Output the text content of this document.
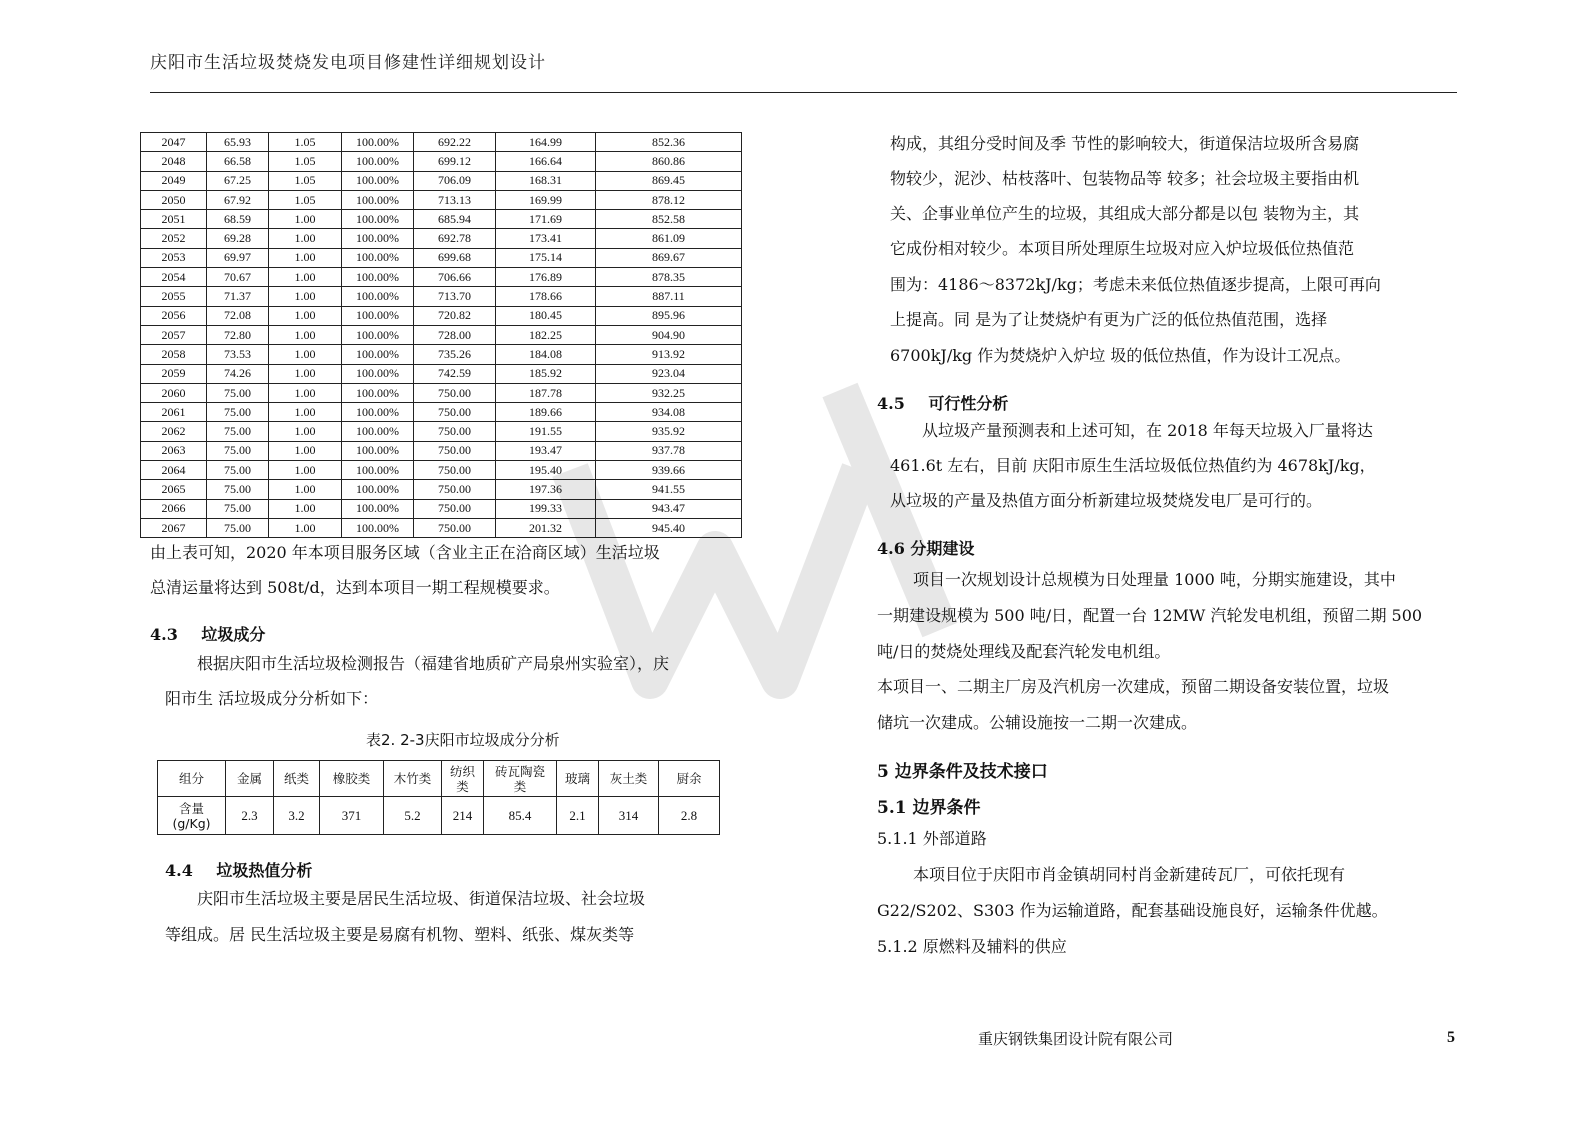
庆阳市生活垃圾焚烧发电项目修建性详细规划设计
2047	65.93	1.05	100.00%	692.22	164.99	852.36
2048	66.58	1.05	100.00%	699.12	166.64	860.86
2049	67.25	1.05	100.00%	706.09	168.31	869.45
2050	67.92	1.05	100.00%	713.13	169.99	878.12
2051	68.59	1.00	100.00%	685.94	171.69	852.58
2052	69.28	1.00	100.00%	692.78	173.41	861.09
2053	69.97	1.00	100.00%	699.68	175.14	869.67
2054	70.67	1.00	100.00%	706.66	176.89	878.35
2055	71.37	1.00	100.00%	713.70	178.66	887.11
2056	72.08	1.00	100.00%	720.82	180.45	895.96
2057	72.80	1.00	100.00%	728.00	182.25	904.90
2058	73.53	1.00	100.00%	735.26	184.08	913.92
2059	74.26	1.00	100.00%	742.59	185.92	923.04
2060	75.00	1.00	100.00%	750.00	187.78	932.25
2061	75.00	1.00	100.00%	750.00	189.66	934.08
2062	75.00	1.00	100.00%	750.00	191.55	935.92
2063	75.00	1.00	100.00%	750.00	193.47	937.78
2064	75.00	1.00	100.00%	750.00	195.40	939.66
2065	75.00	1.00	100.00%	750.00	197.36	941.55
2066	75.00	1.00	100.00%	750.00	199.33	943.47
2067	75.00	1.00	100.00%	750.00	201.32	945.40

由上表可知，2020 年本项目服务区域（含业主正在洽商区域）生活垃圾

总清运量将达到 508t/d，达到本项目一期工程规模要求。

4.3 垃圾成分

根据庆阳市生活垃圾检测报告（福建省地质矿产局泉州实验室），庆

阳市生 活垃圾成分分析如下：

表2. 2-3庆阳市垃圾成分分析
组分	金属	纸类	橡胶类	木竹类	纺织类	砖瓦陶瓷类	玻璃	灰土类	厨余

含量
(g/Kg)	2.3	3.2	371	5.2	214	85.4	2.1	314	2.8
4.4 垃圾热值分析

庆阳市生活垃圾主要是居民生活垃圾、街道保洁垃圾、社会垃圾

等组成。居 民生活垃圾主要是易腐有机物、塑料、纸张、煤灰类等

构成，其组分受时间及季 节性的影响较大，街道保洁垃圾所含易腐

物较少，泥沙、枯枝落叶、包装物品等 较多；社会垃圾主要指由机

关、企事业单位产生的垃圾，其组成大部分都是以包 装物为主，其

它成份相对较少。本项目所处理原生垃圾对应入炉垃圾低位热值范

围为：4186～8372kJ/kg；考虑未来低位热值逐步提高，上限可再向

上提高。同 是为了让焚烧炉有更为广泛的低位热值范围，选择

6700kJ/kg 作为焚烧炉入炉垃 圾的低位热值，作为设计工况点。

4.5 可行性分析

从垃圾产量预测表和上述可知，在 2018 年每天垃圾入厂量将达

461.6t 左右，目前 庆阳市原生生活垃圾低位热值约为 4678kJ/kg，

从垃圾的产量及热值方面分析新建垃圾焚烧发电厂是可行的。

4.6 分期建设

项目一次规划设计总规模为日处理量 1000 吨，分期实施建设，其中

一期建设规模为 500 吨/日，配置一台 12MW 汽轮发电机组，预留二期 500

吨/日的焚烧处理线及配套汽轮发电机组。

本项目一、二期主厂房及汽机房一次建成，预留二期设备安装位置，垃圾

储坑一次建成。公辅设施按一二期一次建成。

5 边界条件及技术接口
5.1 边界条件

5.1.1 外部道路

本项目位于庆阳市肖金镇胡同村肖金新建砖瓦厂，可依托现有

G22/S202、S303 作为运输道路，配套基础设施良好，运输条件优越。

5.1.2 原燃料及辅料的供应

重庆钢铁集团设计院有限公司	5
